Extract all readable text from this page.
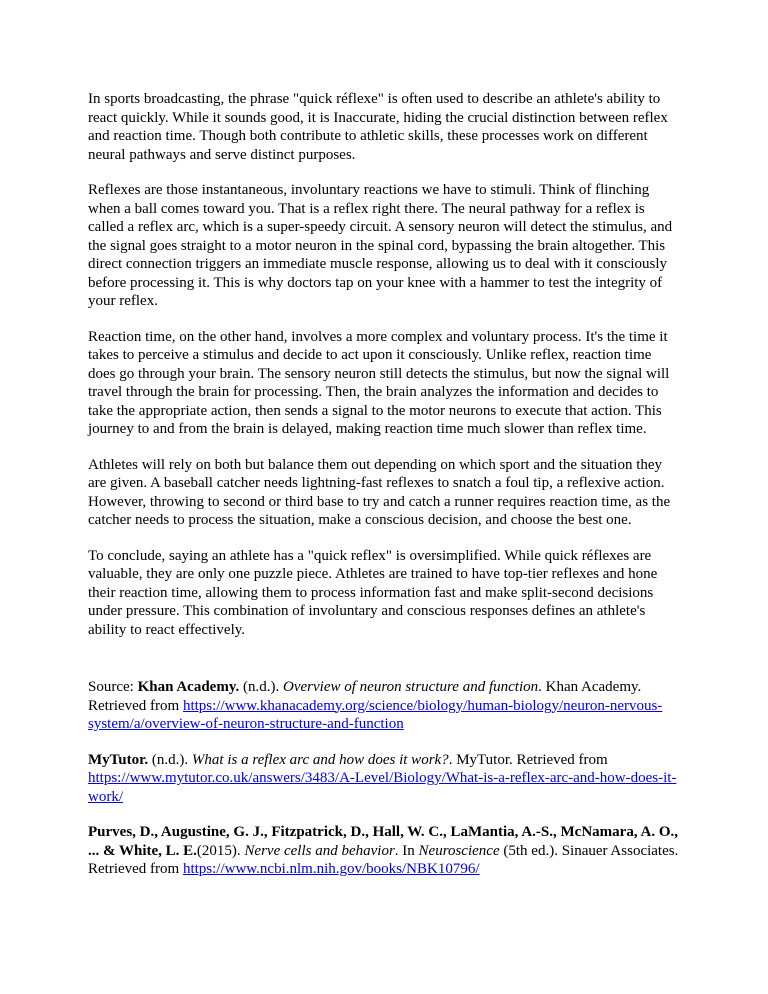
In sports broadcasting, the phrase "quick réflexe" is often used to describe an athlete's ability to react quickly. While it sounds good, it is Inaccurate, hiding the crucial distinction between reflex and reaction time. Though both contribute to athletic skills, these processes work on different neural pathways and serve distinct purposes.

Reflexes are those instantaneous, involuntary reactions we have to stimuli. Think of flinching when a ball comes toward you. That is a reflex right there. The neural pathway for a reflex is called a reflex arc, which is a super-speedy circuit. A sensory neuron will detect the stimulus, and the signal goes straight to a motor neuron in the spinal cord, bypassing the brain altogether. This direct connection triggers an immediate muscle response, allowing us to deal with it consciously before processing it. This is why doctors tap on your knee with a hammer to test the integrity of your reflex.

Reaction time, on the other hand, involves a more complex and voluntary process. It's the time it takes to perceive a stimulus and decide to act upon it consciously. Unlike reflex, reaction time does go through your brain. The sensory neuron still detects the stimulus, but now the signal will travel through the brain for processing. Then, the brain analyzes the information and decides to take the appropriate action, then sends a signal to the motor neurons to execute that action. This journey to and from the brain is delayed, making reaction time much slower than reflex time.

Athletes will rely on both but balance them out depending on which sport and the situation they are given. A baseball catcher needs lightning-fast reflexes to snatch a foul tip, a reflexive action. However, throwing to second or third base to try and catch a runner requires reaction time, as the catcher needs to process the situation, make a conscious decision, and choose the best one.

To conclude, saying an athlete has a "quick reflex" is oversimplified. While quick réflexes are valuable, they are only one puzzle piece. Athletes are trained to have top-tier reflexes and hone their reaction time, allowing them to process information fast and make split-second decisions under pressure. This combination of involuntary and conscious responses defines an athlete's ability to react effectively.

Source: Khan Academy. (n.d.). Overview of neuron structure and function. Khan Academy. Retrieved from https://www.khanacademy.org/science/biology/human-biology/neuron-nervous-system/a/overview-of-neuron-structure-and-function

MyTutor. (n.d.). What is a reflex arc and how does it work?. MyTutor. Retrieved from https://www.mytutor.co.uk/answers/3483/A-Level/Biology/What-is-a-reflex-arc-and-how-does-it-work/

Purves, D., Augustine, G. J., Fitzpatrick, D., Hall, W. C., LaMantia, A.-S., McNamara, A. O., ... & White, L. E.(2015). Nerve cells and behavior. In Neuroscience (5th ed.). Sinauer Associates. Retrieved from https://www.ncbi.nlm.nih.gov/books/NBK10796/
